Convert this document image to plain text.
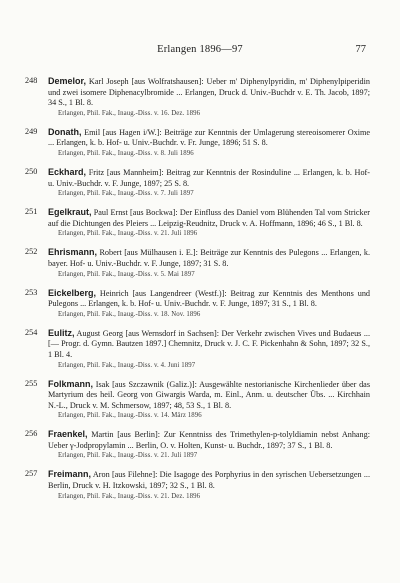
Erlangen 1896—97	77
248	Demelor, Karl Joseph [aus Wolfratshausen]: Ueber m' Diphenylpyridin, m' Diphenylpiperidin und zwei isomere Diphenacylbromide ... Erlangen, Druck d. Univ.-Buchdr v. E. Th. Jacob, 1897; 34 S., 1 Bl. 8.
Erlangen, Phil. Fak., Inaug.-Diss. v. 16. Dez. 1896
249	Donath, Emil [aus Hagen i/W.]: Beiträge zur Kenntnis der Umlagerung stereoisomerer Oxime ... Erlangen, k. b. Hof- u. Univ.-Buchdr. v. Fr. Junge, 1896; 51 S. 8.
Erlangen, Phil. Fak., Inaug.-Diss. v. 8. Juli 1896
250	Eckhard, Fritz [aus Mannheim]: Beitrag zur Kenntnis der Rosinduline ... Erlangen, k. b. Hof- u. Univ.-Buchdr. v. F. Junge, 1897; 25 S. 8.
Erlangen, Phil. Fak., Inaug.-Diss. v. 7. Juli 1897
251	Egelkraut, Paul Ernst [aus Bockwa]: Der Einfluss des Daniel vom Blühenden Tal vom Stricker auf die Dichtungen des Pleiers ... Leipzig-Reudnitz, Druck v. A. Hoffmann, 1896; 46 S., 1 Bl. 8.
Erlangen, Phil. Fak., Inaug.-Diss. v. 21. Juli 1896
252	Ehrismann, Robert [aus Mülhausen i. E.]: Beiträge zur Kenntnis des Pulegons ... Erlangen, k. bayer. Hof- u. Univ.-Buchdr. v. F. Junge, 1897; 31 S. 8.
Erlangen, Phil. Fak., Inaug.-Diss. v. 5. Mai 1897
253	Eickelberg, Heinrich [aus Langendreer (Westf.)]: Beitrag zur Kenntnis des Menthons und Pulegons ... Erlangen, k. b. Hof- u. Univ.-Buchdr. v. F. Junge, 1897; 31 S., 1 Bl. 8.
Erlangen, Phil. Fak., Inaug.-Diss. v. 18. Nov. 1896
254	Eulitz, August Georg [aus Wernsdorf in Sachsen]: Der Verkehr zwischen Vives und Budaeus ... [— Progr. d. Gymn. Bautzen 1897.] Chemnitz, Druck v. J. C. F. Pickenhahn & Sohn, 1897; 32 S., 1 Bl. 4.
Erlangen, Phil. Fak., Inaug.-Diss. v. 4. Juni 1897
255	Folkmann, Isak [aus Szczawnik (Galiz.)]: Ausgewählte nestorianische Kirchenlieder über das Martyrium des heil. Georg von Giwargis Warda, m. Einl., Anm. u. deutscher Übs. ... Kirchhain N.-L., Druck v. M. Schmersow, 1897; 48, 53 S., 1 Bl. 8.
Erlangen, Phil. Fak., Inaug.-Diss. v. 14. März 1896
256	Fraenkel, Martin [aus Berlin]: Zur Kenntniss des Trimethylen-p-tolyldiamin nebst Anhang: Ueber γ-Jodpropylamin ... Berlin, O. v. Holten, Kunst- u. Buchdr., 1897; 37 S., 1 Bl. 8.
Erlangen, Phil. Fak., Inaug.-Diss. v. 21. Juli 1897
257	Freimann, Aron [aus Filehne]: Die Isagoge des Porphyrius in den syrischen Uebersetzungen ... Berlin, Druck v. H. Itzkowski, 1897; 32 S., 1 Bl. 8.
Erlangen, Phil. Fak., Inaug.-Diss. v. 21. Dez. 1896
